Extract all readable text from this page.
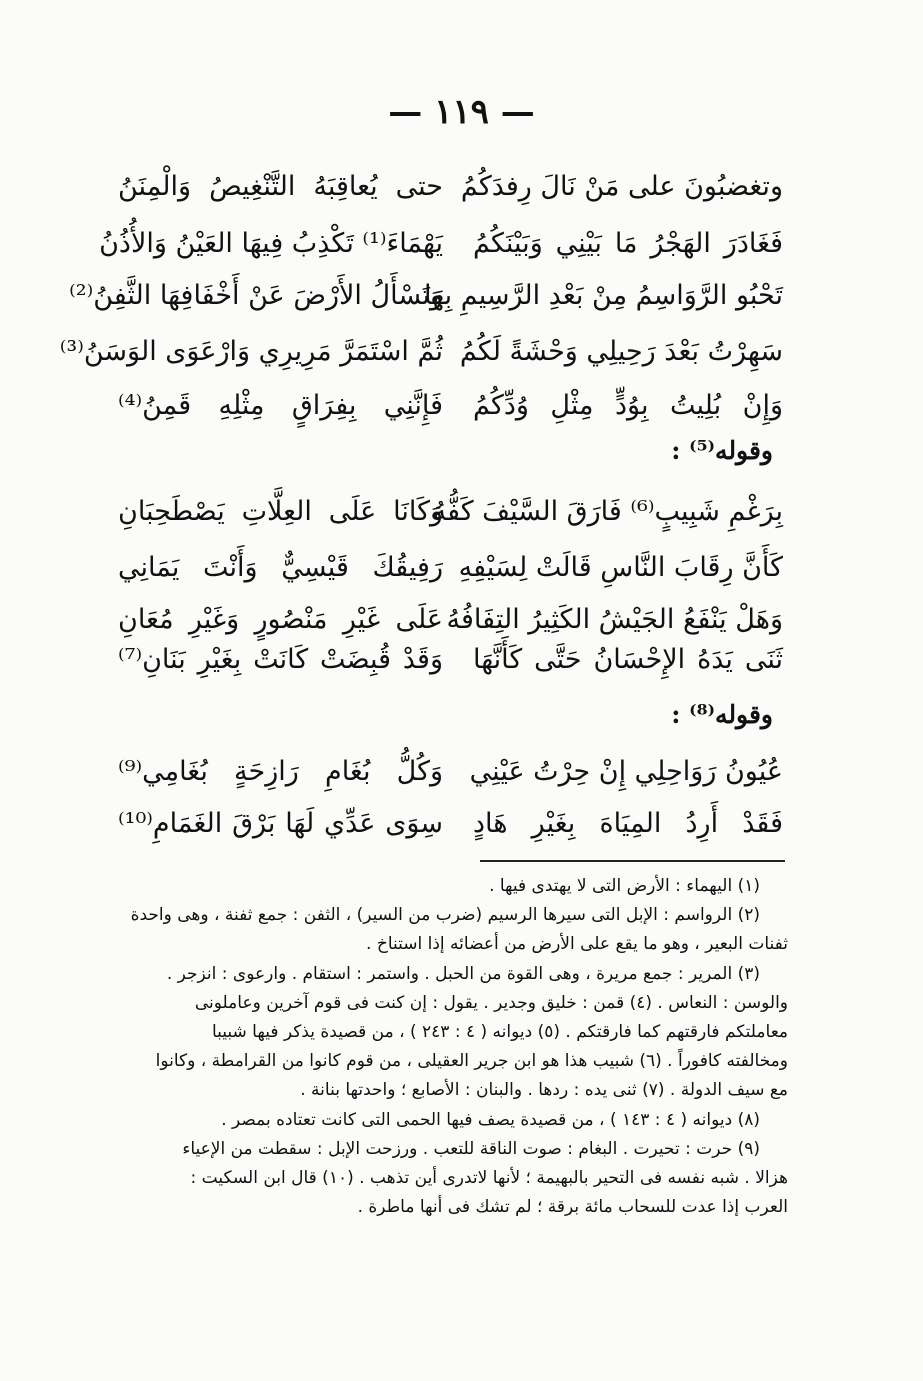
— ١١٩ —
وتغضبُونَ على مَنْ نَالَ رِفدَكُمُ
حتى يُعاقِبَهُ التَّنْغِيصُ وَالْمِنَنُ
فَغَادَرَ الهَجْرُ مَا بَيْنِي وَبَيْنَكُمُ
يَهْمَاءَ⁽¹⁾ تَكْذِبُ فِيهَا العَيْنُ وَالأُذُنُ
تَحْبُو الرَّوَاسِمُ مِنْ بَعْدِ الرَّسِيمِ بِهَا
وَتَسْأَلُ الأَرْضَ عَنْ أَخْفَافِهَا الثَّفِنُ⁽²⁾
سَهِرْتُ بَعْدَ رَحِيلِي وَحْشَةً لَكُمُ
ثُمَّ اسْتَمَرَّ مَرِيرِي وَارْعَوَى الوَسَنُ⁽³⁾
وَإِنْ بُلِيتُ بِوُدٍّ مِثْلِ وُدِّكُمُ
فَإِنَّنِي بِفِرَاقٍ مِثْلِهِ قَمِنُ⁽⁴⁾
وقوله⁽⁵⁾ :
بِرَغْمِ شَبِيبٍ⁽⁶⁾ فَارَقَ السَّيْفَ كَفُّهُ
وَكَانَا عَلَى العِلَّاتِ يَصْطَحِبَانِ
كَأَنَّ رِقَابَ النَّاسِ قَالَتْ لِسَيْفِهِ
رَفِيقُكَ قَيْسِيٌّ وَأَنْتَ يَمَانِي
وَهَلْ يَنْفَعُ الجَيْشُ الكَثِيرُ التِفَافُهُ
عَلَى غَيْرِ مَنْصُورٍ وَغَيْرِ مُعَانِ
ثَنَى يَدَهُ الإِحْسَانُ حَتَّى كَأَنَّهَا
وَقَدْ قُبِضَتْ كَانَتْ بِغَيْرِ بَنَانِ⁽⁷⁾
وقوله⁽⁸⁾ :
عُيُونُ رَوَاحِلِي إِنْ حِرْتُ عَيْنِي
وَكُلُّ بُغَامِ رَازِحَةٍ بُغَامِي⁽⁹⁾
فَقَدْ أَرِدُ المِيَاهَ بِغَيْرِ هَادٍ
سِوَى عَدِّي لَهَا بَرْقَ الغَمَامِ⁽¹⁰⁾
(١) اليهماء : الأرض التى لا يهتدى فيها .
(٢) الرواسم : الإبل التى سيرها الرسيم (ضرب من السير) ، الثفن : جمع ثفنة ، وهى واحدة
ثفنات البعير ، وهو ما يقع على الأرض من أعضائه إذا استناخ .
(٣) المرير : جمع مريرة ، وهى القوة من الحبل . واستمر : استقام . وارعوى : انزجر .
والوسن : النعاس . (٤) قمن : خليق وجدير . يقول : إن كنت فى قوم آخرين وعاملونى
معاملتكم فارقتهم كما فارقتكم . (٥) ديوانه ( ٤ : ٢٤٣ ) ، من قصيدة يذكر فيها شبيبا
ومخالفته كافوراً . (٦) شبيب هذا هو ابن جرير العقيلى ، من قوم كانوا من القرامطة ، وكانوا
مع سيف الدولة . (٧) ثنى يده : ردها . والبنان : الأصابع ؛ واحدتها بنانة .
(٨) ديوانه ( ٤ : ١٤٣ ) ، من قصيدة يصف فيها الحمى التى كانت تعتاده بمصر .
(٩) حرت : تحيرت . البغام : صوت الناقة للتعب . ورزحت الإبل : سقطت من الإعياء
هزالا . شبه نفسه فى التحير بالبهيمة ؛ لأنها لاتدرى أين تذهب . (١٠) قال ابن السكيت :
العرب إذا عدت للسحاب مائة برقة ؛ لم تشك فى أنها ماطرة .
